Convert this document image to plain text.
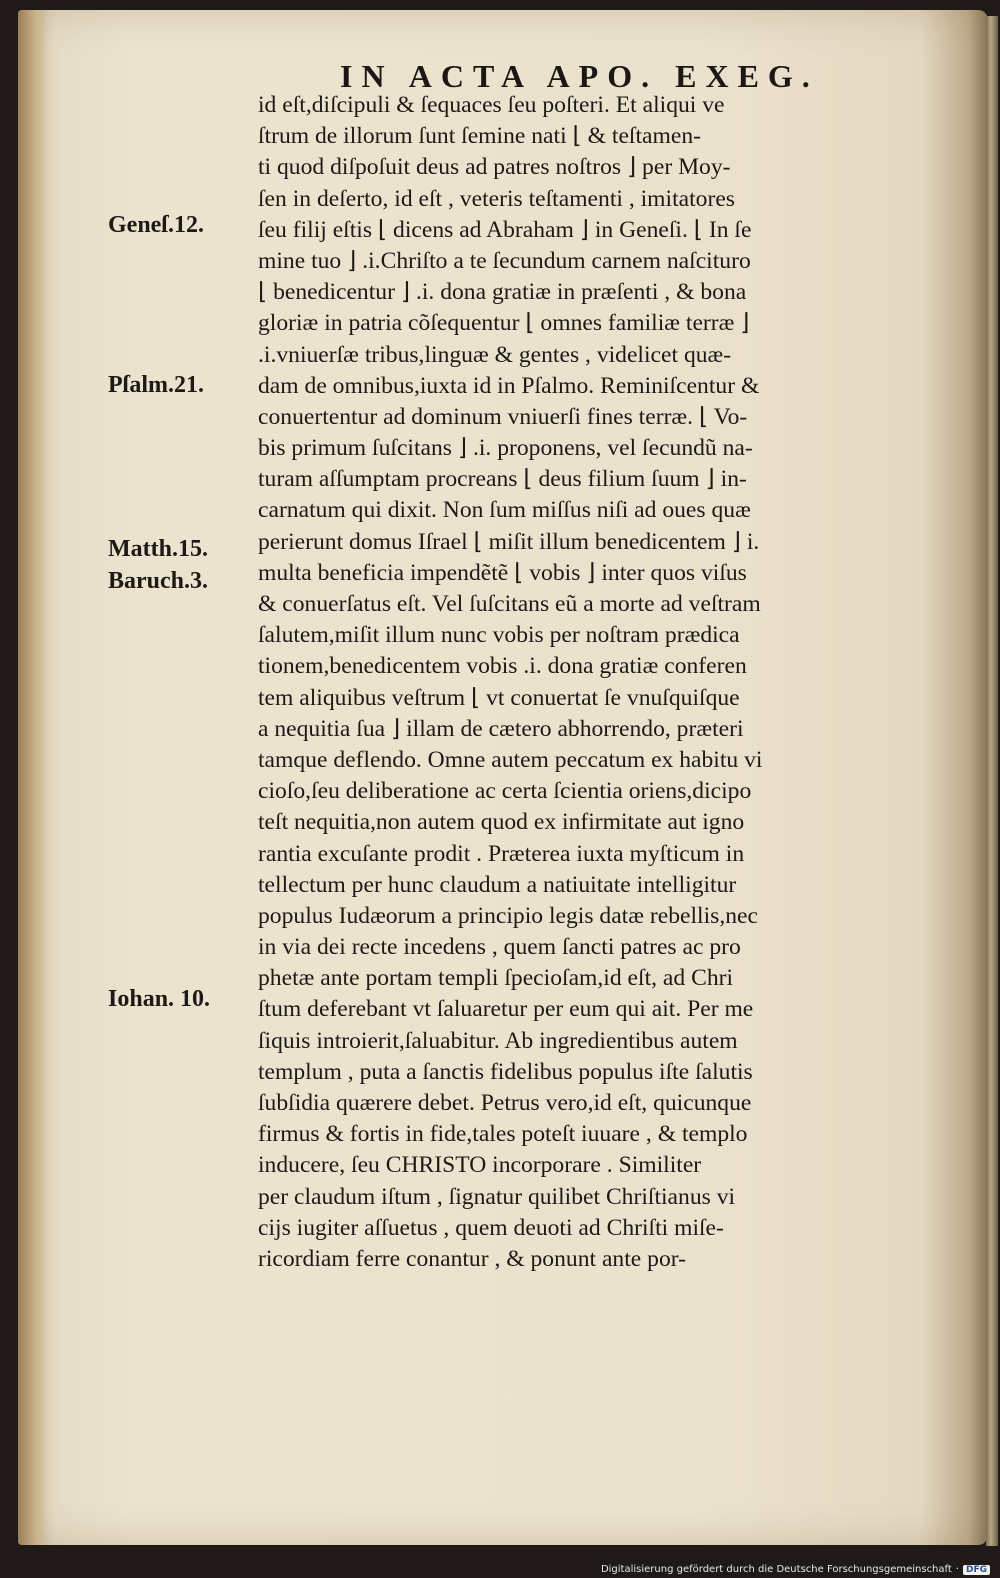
IN ACTA APO. EXEG.
id eſt,diſcipuli & ſequaces ſeu poſteri. Et aliqui ve
ſtrum de illorum ſunt ſemine nati ⌊ & teſtamen-
ti quod diſpoſuit deus ad patres noſtros ⌋ per Moy-
ſen in deſerto, id eſt , veteris teſtamenti , imitatores
ſeu filij eſtis ⌊ dicens ad Abraham ⌋ in Geneſi. ⌊ In ſe
mine tuo ⌋ .i.Chriſto a te ſecundum carnem naſcituro
⌊ benedicentur ⌋ .i. dona gratiæ in præſenti , & bona
gloriæ in patria cõſequentur ⌊ omnes familiæ terræ ⌋
.i.vniuerſæ tribus,linguæ & gentes , videlicet quæ-
dam de omnibus,iuxta id in Pſalmo. Reminiſcentur &
conuertentur ad dominum vniuerſi fines terræ. ⌊ Vo-
bis primum ſuſcitans ⌋ .i. proponens, vel ſecundũ na-
turam aſſumptam procreans ⌊ deus filium ſuum ⌋ in-
carnatum qui dixit. Non ſum miſſus niſi ad oues quæ
perierunt domus Iſrael ⌊ miſit illum benedicentem ⌋ i.
multa beneficia impendẽtẽ ⌊ vobis ⌋ inter quos viſus
& conuerſatus eſt. Vel ſuſcitans eũ a morte ad veſtram
ſalutem,miſit illum nunc vobis per noſtram prædica
tionem,benedicentem vobis .i. dona gratiæ conferen
tem aliquibus veſtrum ⌊ vt conuertat ſe vnuſquiſque
a nequitia ſua ⌋ illam de cætero abhorrendo, præteri
tamque deflendo. Omne autem peccatum ex habitu vi
cioſo,ſeu deliberatione ac certa ſcientia oriens,dicipo
teſt nequitia,non autem quod ex infirmitate aut igno
rantia excuſante prodit . Præterea iuxta myſticum in
tellectum per hunc claudum a natiuitate intelligitur
populus Iudæorum a principio legis datæ rebellis,nec
in via dei recte incedens , quem ſancti patres ac pro
phetæ ante portam templi ſpecioſam,id eſt, ad Chri
ſtum deferebant vt ſaluaretur per eum qui ait. Per me
ſiquis introierit,ſaluabitur. Ab ingredientibus autem
templum , puta a ſanctis fidelibus populus iſte ſalutis
ſubſidia quærere debet. Petrus vero,id eſt, quicunque
firmus & fortis in fide,tales poteſt iuuare , & templo
inducere, ſeu CHRISTO incorporare . Similiter
per claudum iſtum , ſignatur quilibet Chriſtianus vi
cijs iugiter aſſuetus , quem deuoti ad Chriſti miſe-
ricordiam ferre conantur , & ponunt ante por-
Geneſ.12.
Pſalm.21.
Matth.15.
Baruch.3.
Iohan. 10.
Digitalisierung gefördert durch die Deutsche Forschungsgemeinschaft · DFG
